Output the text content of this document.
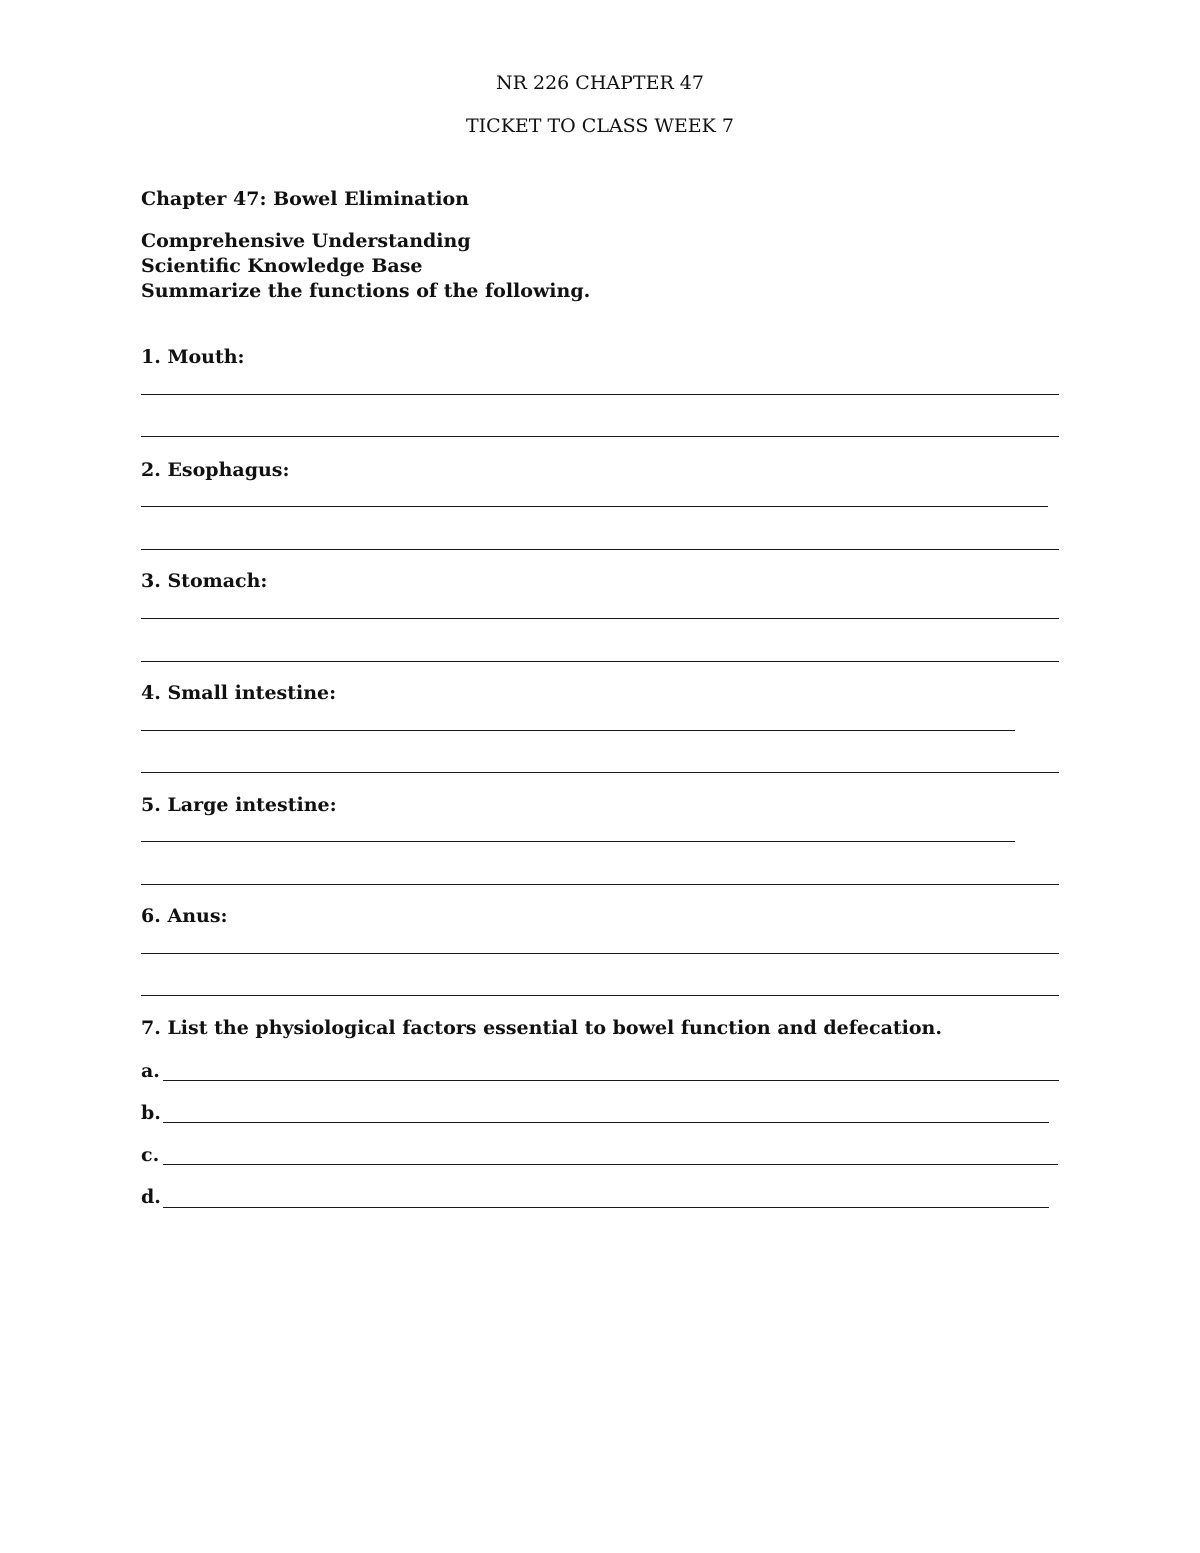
NR 226 CHAPTER 47
TICKET TO CLASS WEEK 7
Chapter 47: Bowel Elimination
Comprehensive Understanding
Scientific Knowledge Base
Summarize the functions of the following.
1. Mouth:
2. Esophagus:
3. Stomach:
4. Small intestine:
5. Large intestine:
6. Anus:
7. List the physiological factors essential to bowel function and defecation.
a.
b.
c.
d.
